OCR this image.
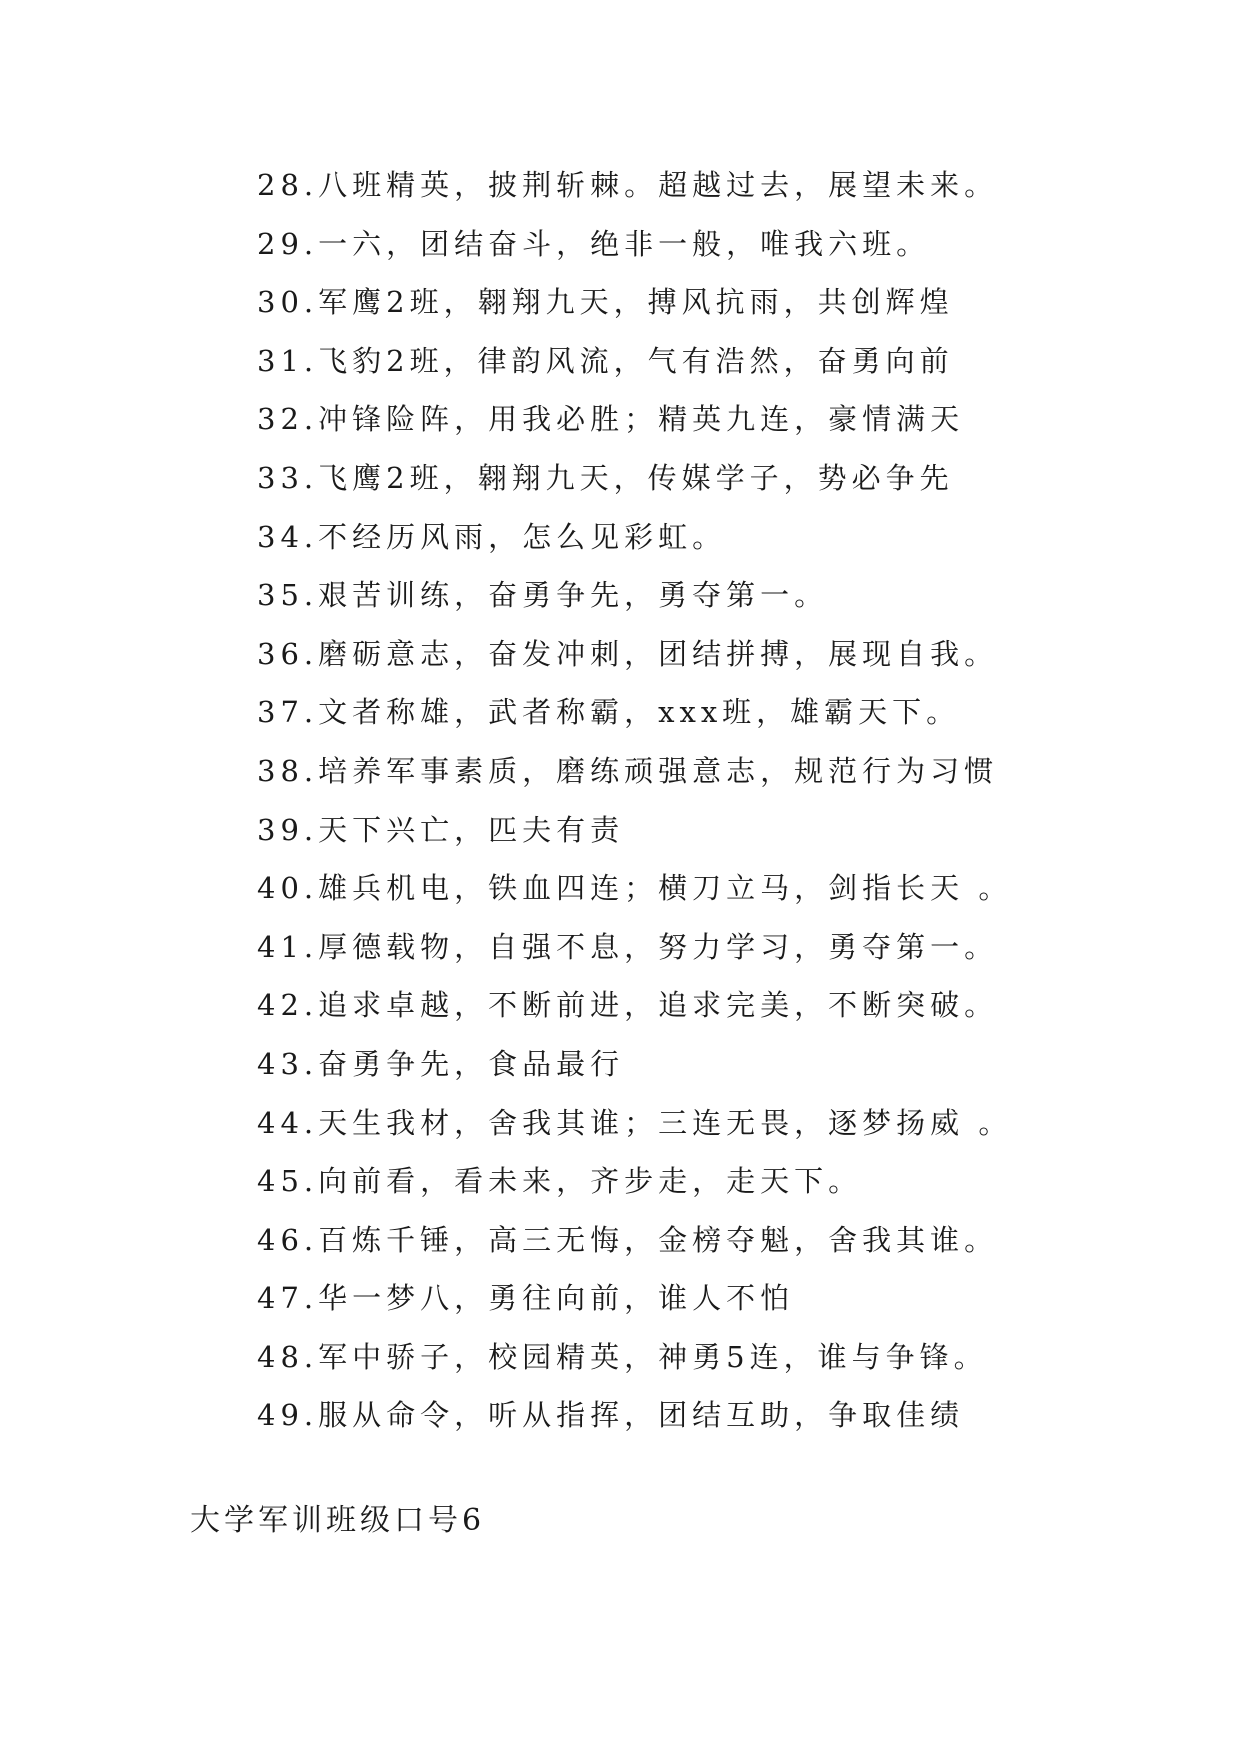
28.八班精英，披荆斩棘。超越过去，展望未来。
29.一六，团结奋斗，绝非一般，唯我六班。
30.军鹰2班，翱翔九天，搏风抗雨，共创辉煌
31.飞豹2班，律韵风流，气有浩然，奋勇向前
32.冲锋险阵，用我必胜；精英九连，豪情满天
33.飞鹰2班，翱翔九天，传媒学子，势必争先
34.不经历风雨，怎么见彩虹。
35.艰苦训练，奋勇争先，勇夺第一。
36.磨砺意志，奋发冲刺，团结拼搏，展现自我。
37.文者称雄，武者称霸，xxx班，雄霸天下。
38.培养军事素质，磨练顽强意志，规范行为习惯
39.天下兴亡，匹夫有责
40.雄兵机电，铁血四连；横刀立马，剑指长天 。
41.厚德载物，自强不息，努力学习，勇夺第一。
42.追求卓越，不断前进，追求完美，不断突破。
43.奋勇争先，食品最行
44.天生我材，舍我其谁；三连无畏，逐梦扬威 。
45.向前看，看未来，齐步走，走天下。
46.百炼千锤，高三无悔，金榜夺魁，舍我其谁。
47.华一梦八，勇往向前，谁人不怕
48.军中骄子，校园精英，神勇5连，谁与争锋。
49.服从命令，听从指挥，团结互助，争取佳绩
大学军训班级口号6
